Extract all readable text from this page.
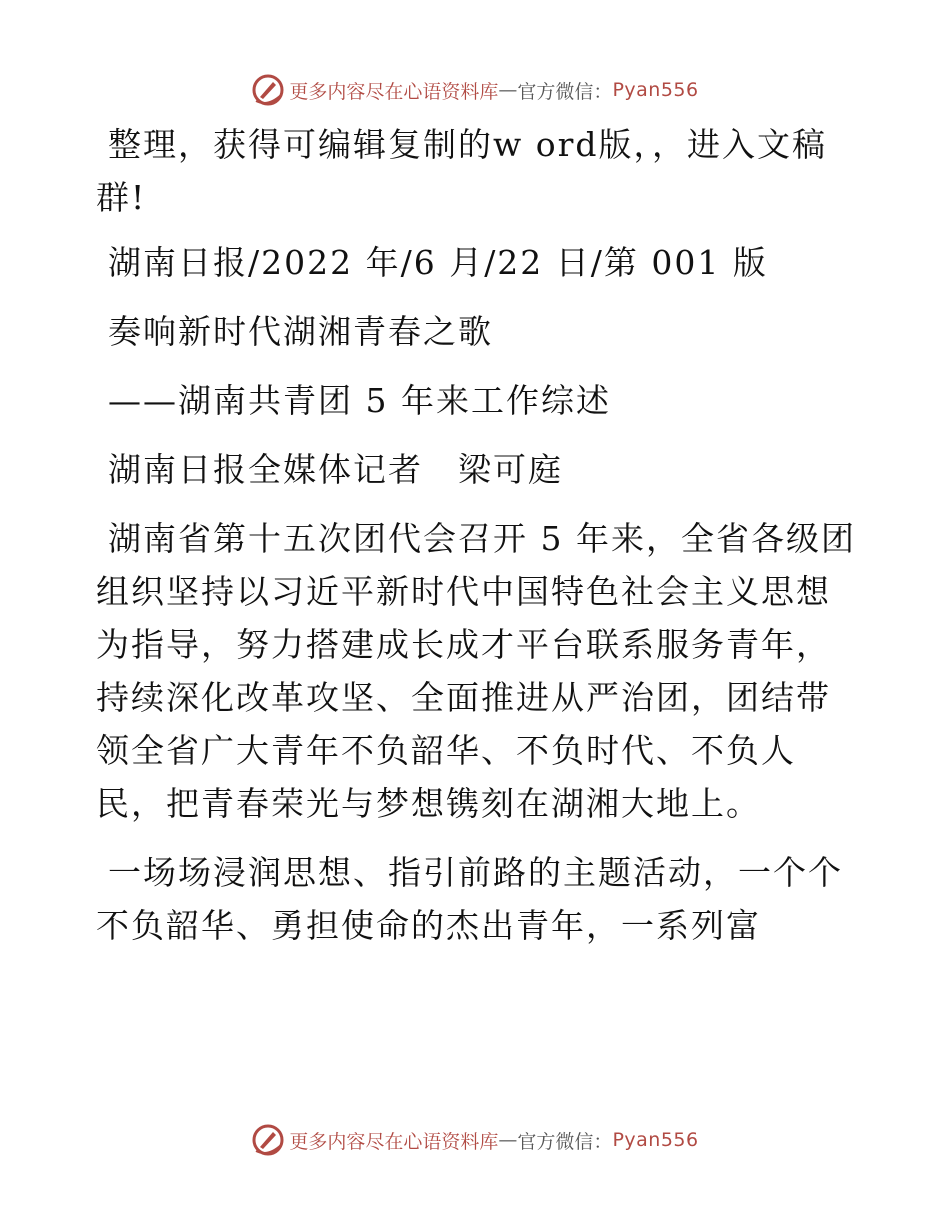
更多内容尽在心语资料库 — 官方微信： Pyan556

整理，获得可编辑复制的w ord版，，进入文稿群!

湖南日报/2022 年/6 月/22 日/第 001 版

奏响新时代湖湘青春之歌

——湖南共青团 5 年来工作综述

湖南日报全媒体记者　梁可庭

湖南省第十五次团代会召开 5 年来，全省各级团组织坚持以习近平新时代中国特色社会主义思想为指导，努力搭建成长成才平台联系服务青年，持续深化改革攻坚、全面推进从严治团，团结带领全省广大青年不负韶华、不负时代、不负人民，把青春荣光与梦想镌刻在湖湘大地上。

一场场浸润思想、指引前路的主题活动，一个个不负韶华、勇担使命的杰出青年，一系列富

更多内容尽在心语资料库 — 官方微信： Pyan556
